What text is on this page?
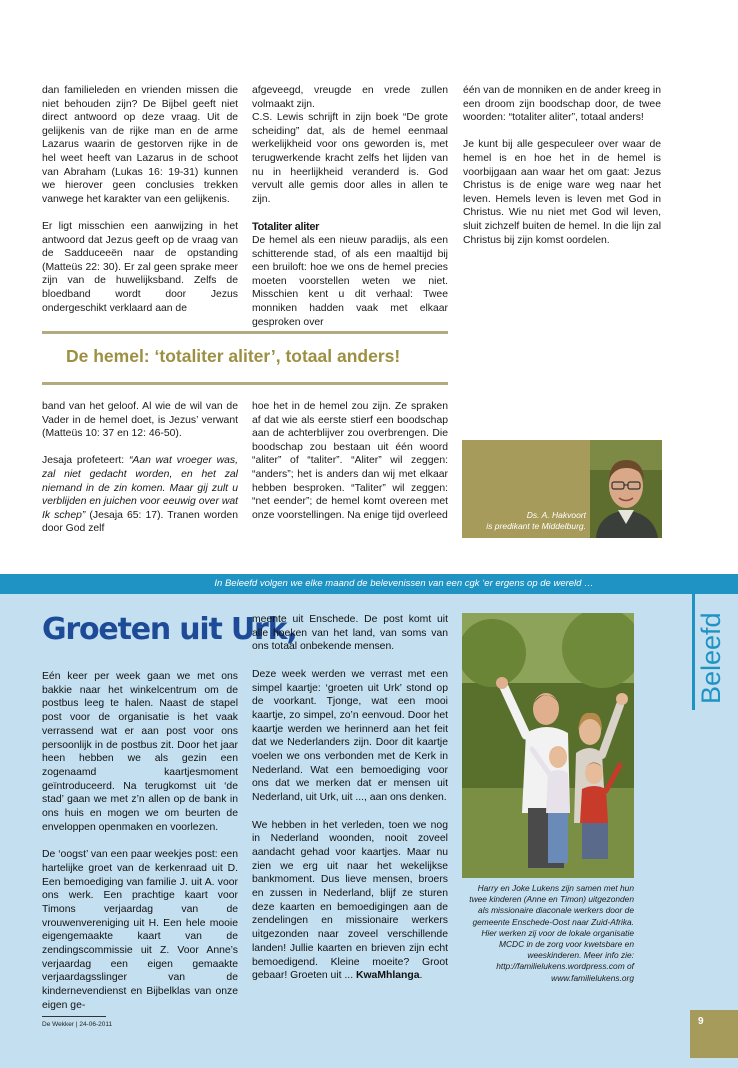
dan familieleden en vrienden missen die niet behouden zijn? De Bijbel geeft niet direct antwoord op deze vraag. Uit de gelijkenis van de rijke man en de arme Lazarus waarin de gestorven rijke in de hel weet heeft van Lazarus in de schoot van Abraham (Lukas 16: 19-31) kunnen we hierover geen conclusies trekken vanwege het karakter van een gelijkenis.

Er ligt misschien een aanwijzing in het antwoord dat Jezus geeft op de vraag van de Sadduceeën naar de opstanding (Matteüs 22: 30). Er zal geen sprake meer zijn van de huwelijksband. Zelfs de bloedband wordt door Jezus ondergeschikt verklaard aan de

afgeveegd, vreugde en vrede zullen volmaakt zijn.

C.S. Lewis schrijft in zijn boek “De grote scheiding” dat, als de hemel eenmaal werkelijkheid voor ons geworden is, met terugwerkende kracht zelfs het lijden van nu in heerlijkheid veranderd is. God vervult alle gemis door alles in allen te zijn.

Totaliter aliter

De hemel als een nieuw paradijs, als een schitterende stad, of als een maaltijd bij een bruiloft: hoe we ons de hemel precies moeten voorstellen weten we niet. Misschien kent u dit verhaal: Twee monniken hadden vaak met elkaar gesproken over

één van de monniken en de ander kreeg in een droom zijn boodschap door, de twee woorden: “totaliter aliter”, totaal anders!

Je kunt bij alle gespeculeer over waar de hemel is en hoe het in de hemel is voorbijgaan aan waar het om gaat: Jezus Christus is de enige ware weg naar het leven. Hemels leven is leven met God in Christus. Wie nu niet met God wil leven, sluit zichzelf buiten de hemel. In die lijn zal Christus bij zijn komst oordelen.

De hemel: ‘totaliter aliter’, totaal anders!

band van het geloof. Al wie de wil van de Vader in de hemel doet, is Jezus’ verwant (Matteüs 10: 37 en 12: 46-50).

Jesaja profeteert: “Aan wat vroeger was, zal niet gedacht worden, en het zal niemand in de zin komen. Maar gij zult u verblijden en juichen voor eeuwig over wat Ik schep” (Jesaja 65: 17). Tranen worden door God zelf

hoe het in de hemel zou zijn. Ze spraken af dat wie als eerste stierf een boodschap aan de achterblijver zou overbrengen. Die boodschap zou bestaan uit één woord “aliter” of “taliter”. “Aliter” wil zeggen: “anders”; het is anders dan wij met elkaar hebben besproken. “Taliter” wil zeggen: “net eender”; de hemel komt overeen met onze voorstellingen. Na enige tijd overleed	Ds. A. Hakvoort
is predikant te Middelburg.
In Beleefd volgen we elke maand de belevenissen van een cgk ‘er ergens op de wereld …
Beleefd
Groeten uit Urk,

Eén keer per week gaan we met ons bakkie naar het winkelcentrum om de postbus leeg te halen. Naast de stapel post voor de organisatie is het vaak verrassend wat er aan post voor ons persoonlijk in de postbus zit. Door het jaar heen hebben we als gezin een zogenaamd kaartjesmoment geïntroduceerd. Na terugkomst uit ‘de stad’ gaan we met z’n allen op de bank in ons huis en mogen we om beurten de enveloppen openmaken en voorlezen.

De ‘oogst’ van een paar weekjes post: een hartelijke groet van de kerkenraad uit D. Een bemoediging van familie J. uit A. voor ons werk. Een prachtige kaart voor Timons verjaardag van de vrouwenvereniging uit H. Een hele mooie eigengemaakte kaart van de zendingscommissie uit Z. Voor Anne’s verjaardag een eigen gemaakte verjaardagsslinger van de kindernevendienst en Bijbelklas van onze eigen ge-

meente uit Enschede. De post komt uit alle hoeken van het land, van soms van ons totaal onbekende mensen.

Deze week werden we verrast met een simpel kaartje: ‘groeten uit Urk’ stond op de voorkant. Tjonge, wat een mooi kaartje, zo simpel, zo’n eenvoud. Door het kaartje werden we herinnerd aan het feit dat we Nederlanders zijn. Door dit kaartje voelen we ons verbonden met de Kerk in Nederland. Wat een bemoediging voor ons dat we merken dat er mensen uit Nederland, uit Urk, uit ..., aan ons denken.

We hebben in het verleden, toen we nog in Nederland woonden, nooit zoveel aandacht gehad voor kaartjes. Maar nu zien we erg uit naar het wekelijkse bankmoment. Dus lieve mensen, broers en zussen in Nederland, blijf ze sturen deze kaarten en bemoedigingen aan de zendelingen en missionaire werkers uitgezonden naar zoveel verschillende landen! Jullie kaarten en brieven zijn echt bemoedigend. Kleine moeite? Groot gebaar! Groeten uit ... KwaMhlanga.

Harry en Joke Lukens zijn samen met hun twee kinderen (Anne en Timon) uitgezonden als missionaire diaconale werkers door de gemeente Enschede-Oost naar Zuid-Afrika. Hier werken zij voor de lokale organisatie MCDC in de zorg voor kwetsbare en weeskinderen. Meer info zie: http://familielukens.wordpress.com of www.familielukens.org
De Wekker | 24-06-2011	9
